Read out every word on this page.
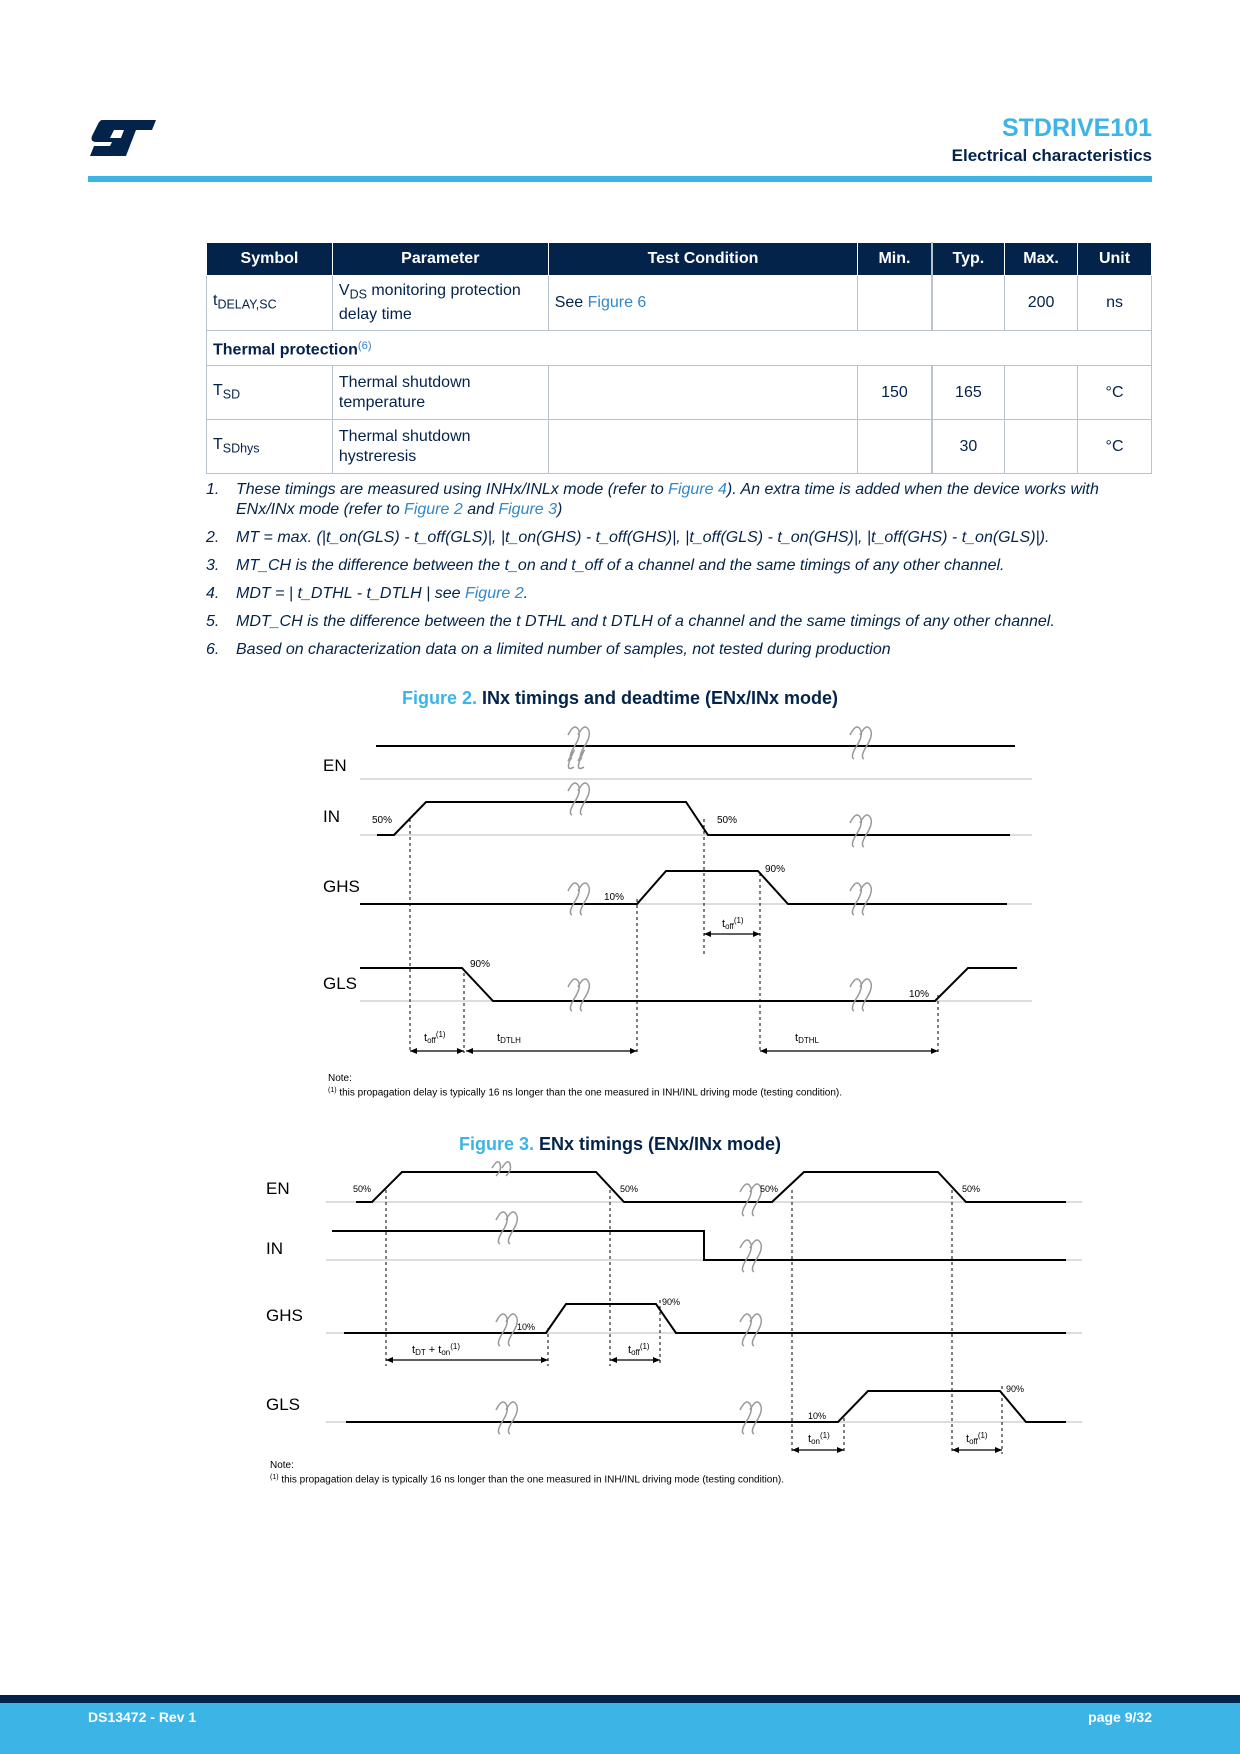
STDRIVE101
Electrical characteristics
Symbol	Parameter	Test Condition	Min.	Typ.	Max.	Unit
$t_{DELAY,SC}$	$V_{DS}$ monitoring protection delay time	See Figure 6			200	ns
Thermal protection$^{(6)}$
$T_{SD}$	Thermal shutdown temperature		150	165		°C
$T_{SDhys}$	Thermal shutdown hystreresis			30		°C
1. These timings are measured using INHx/INLx mode (refer to Figure 4). An extra time is added when the device works with ENx/INx mode (refer to Figure 2 and Figure 3)
2. MT = max. (|t_on(GLS) - t_off(GLS)|, |t_on(GHS) - t_off(GHS)|, |t_off(GLS) - t_on(GHS)|, |t_off(GHS) - t_on(GLS)|).
3. MT_CH is the difference between the t_on and t_off of a channel and the same timings of any other channel.
4. MDT = | t_DTHL - t_DTLH | see Figure 2.
5. MDT_CH is the difference between the t DTHL and t DTLH of a channel and the same timings of any other channel.
6. Based on characterization data on a limited number of samples, not tested during production
Figure 2. INx timings and deadtime (ENx/INx mode)
EN
IN
GHS
GLS
50%	50%
90%
10%
90%
10%
toff$^{(1)}$
toff$^{(1)}$	tDTLH	tDTHL
Note:
$^{(1)}$ this propagation delay is typically 16 ns longer than the one measured in INH/INL driving mode (testing condition).
Figure 3. ENx timings (ENx/INx mode)
EN
IN
GHS
GLS
50%	50%	50%	50%
10%
90%
10%
90%
tDT + ton$^{(1)}$	toff$^{(1)}$
ton$^{(1)}$	toff$^{(1)}$
Note:
$^{(1)}$ this propagation delay is typically 16 ns longer than the one measured in INH/INL driving mode (testing condition).
DS13472 - Rev 1	page 9/32
